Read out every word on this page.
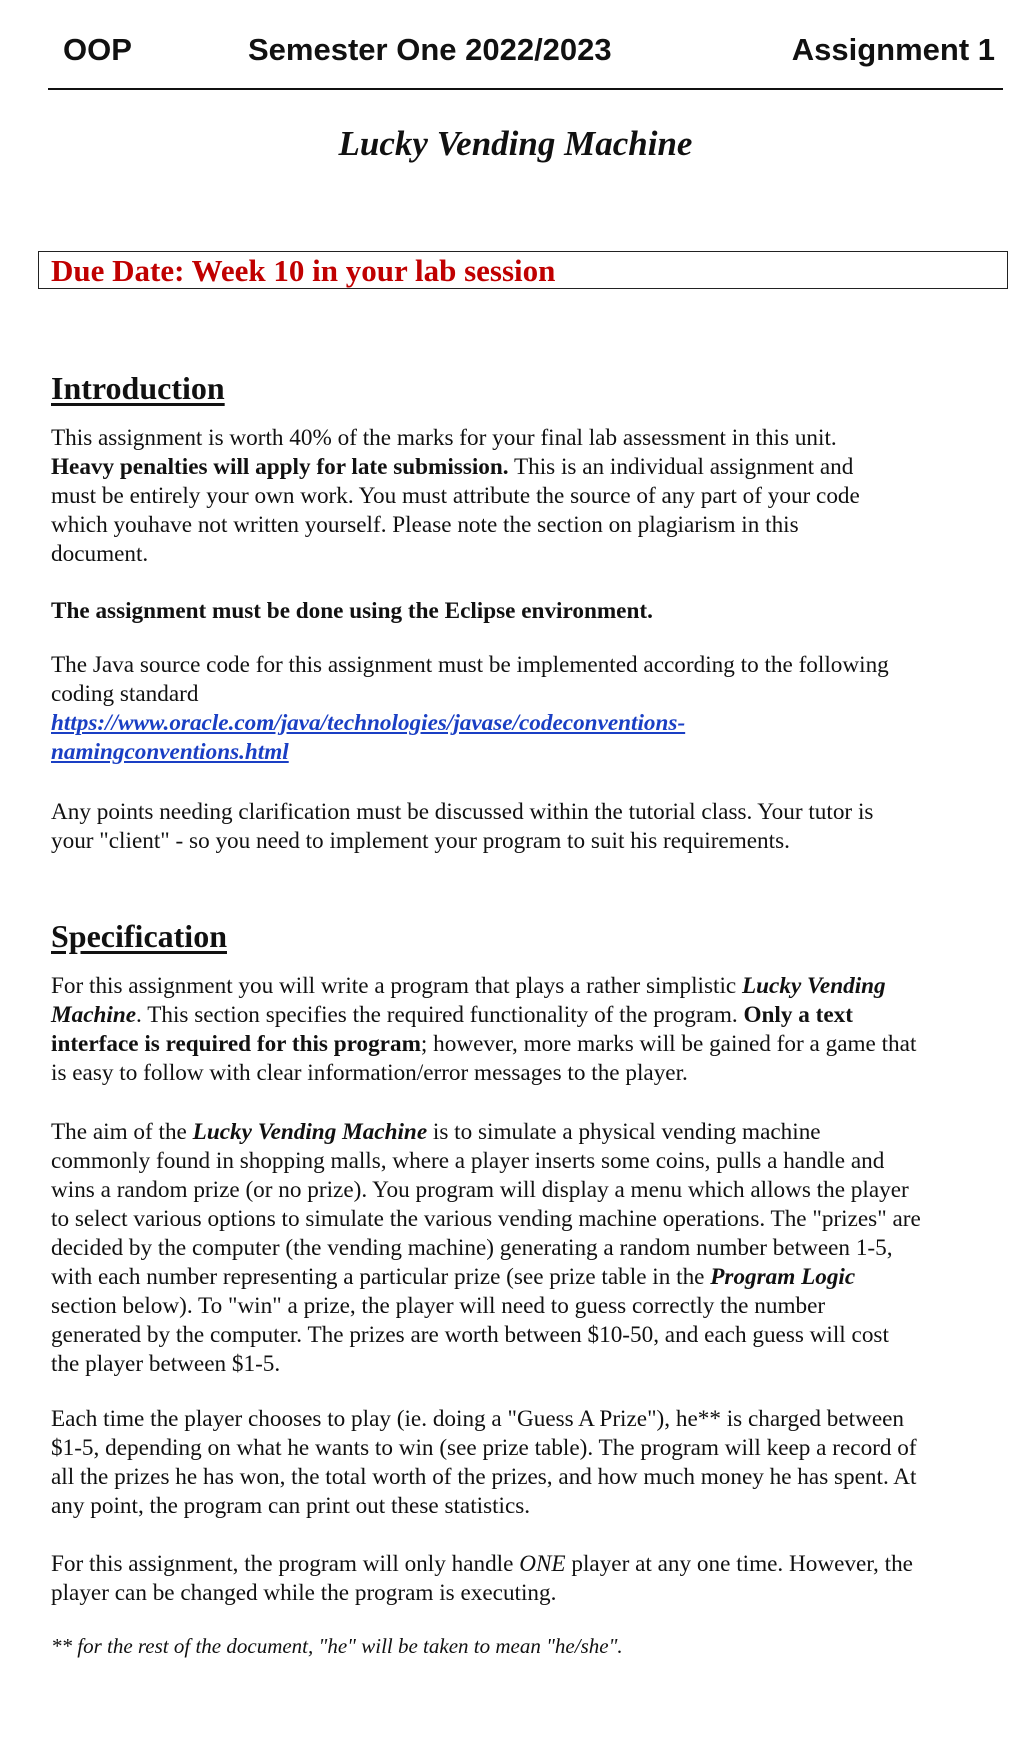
OOP	Semester One 2022/2023	Assignment 1
Lucky Vending Machine
Due Date: Week 10 in your lab session
Introduction
This assignment is worth 40% of the marks for your final lab assessment in this unit.
Heavy penalties will apply for late submission. This is an individual assignment and
must be entirely your own work. You must attribute the source of any part of your code
which youhave not written yourself. Please note the section on plagiarism in this
document.
The assignment must be done using the Eclipse environment.
The Java source code for this assignment must be implemented according to the following
coding standard
https://www.oracle.com/java/technologies/javase/codeconventions-
namingconventions.html
Any points needing clarification must be discussed within the tutorial class. Your tutor is
your "client" - so you need to implement your program to suit his requirements.
Specification
For this assignment you will write a program that plays a rather simplistic Lucky Vending
Machine. This section specifies the required functionality of the program. Only a text
interface is required for this program; however, more marks will be gained for a game that
is easy to follow with clear information/error messages to the player.
The aim of the Lucky Vending Machine is to simulate a physical vending machine
commonly found in shopping malls, where a player inserts some coins, pulls a handle and
wins a random prize (or no prize). You program will display a menu which allows the player
to select various options to simulate the various vending machine operations. The "prizes" are
decided by the computer (the vending machine) generating a random number between 1-5,
with each number representing a particular prize (see prize table in the Program Logic
section below). To "win" a prize, the player will need to guess correctly the number
generated by the computer. The prizes are worth between $10-50, and each guess will cost
the player between $1-5.
Each time the player chooses to play (ie. doing a "Guess A Prize"), he** is charged between
$1-5, depending on what he wants to win (see prize table). The program will keep a record of
all the prizes he has won, the total worth of the prizes, and how much money he has spent. At
any point, the program can print out these statistics.
For this assignment, the program will only handle ONE player at any one time. However, the
player can be changed while the program is executing.
** for the rest of the document, "he" will be taken to mean "he/she".
